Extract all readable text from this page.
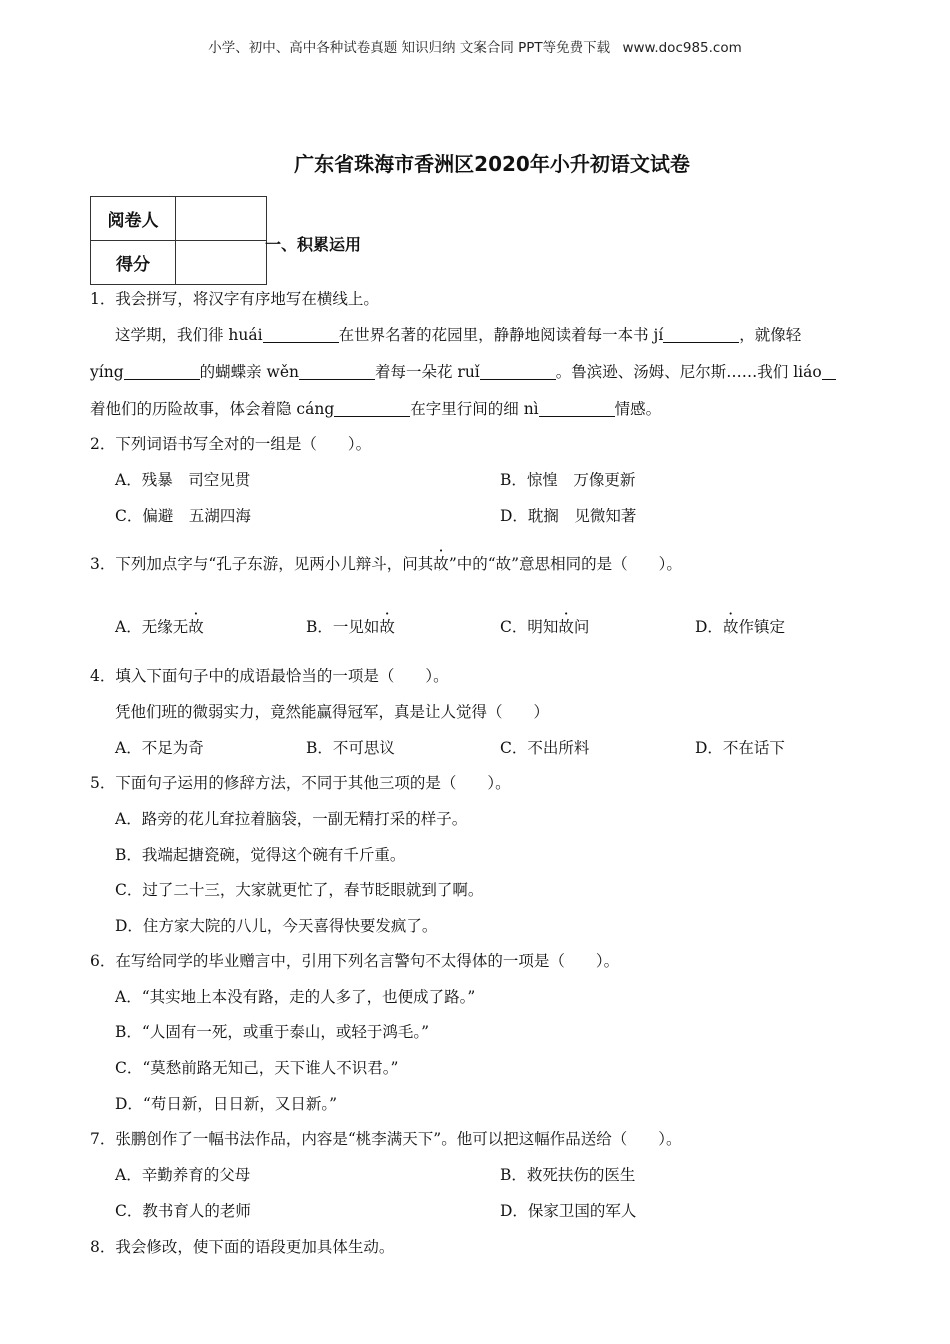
小学、初中、高中各种试卷真题 知识归纳 文案合同 PPT等免费下载 www.doc985.com
广东省珠海市香洲区2020年小升初语文试卷
阅卷人	
得分	
一、积累运用
1．我会拼写，将汉字有序地写在横线上。
这学期，我们徘 huái	在世界名著的花园里，静静地阅读着每一本书 jí	，就像轻
yíng	的蝴蝶亲 wěn	着每一朵花 ruǐ	。鲁滨逊、汤姆、尼尔斯……我们 liáo
着他们的历险故事，体会着隐 cáng	在字里行间的细 nì	情感。
2．下列词语书写全对的一组是（　　）。
A．残暴　司空见贯	B．惊惶　万像更新
C．偏避　五湖四海	D．耽搁　见微知著
3．下列加点字与“孔子东游，见两小儿辩斗，问其故”中的“故”意思相同的是（　　）。
A．无缘无故	B．一见如故	C．明知故问	D．故作镇定
4．填入下面句子中的成语最恰当的一项是（　　）。
凭他们班的微弱实力，竟然能赢得冠军，真是让人觉得（　　）
A．不足为奇	B．不可思议	C．不出所料	D．不在话下
5．下面句子运用的修辞方法，不同于其他三项的是（　　）。
A．路旁的花儿耷拉着脑袋，一副无精打采的样子。
B．我端起搪瓷碗，觉得这个碗有千斤重。
C．过了二十三，大家就更忙了，春节眨眼就到了啊。
D．住方家大院的八儿，今天喜得快要发疯了。
6．在写给同学的毕业赠言中，引用下列名言警句不太得体的一项是（　　）。
A．“其实地上本没有路，走的人多了，也便成了路。”
B．“人固有一死，或重于泰山，或轻于鸿毛。”
C．“莫愁前路无知己，天下谁人不识君。”
D．“苟日新，日日新，又日新。”
7．张鹏创作了一幅书法作品，内容是“桃李满天下”。他可以把这幅作品送给（　　）。
A．辛勤养育的父母	B．救死扶伤的医生
C．教书育人的老师	D．保家卫国的军人
8．我会修改，使下面的语段更加具体生动。
